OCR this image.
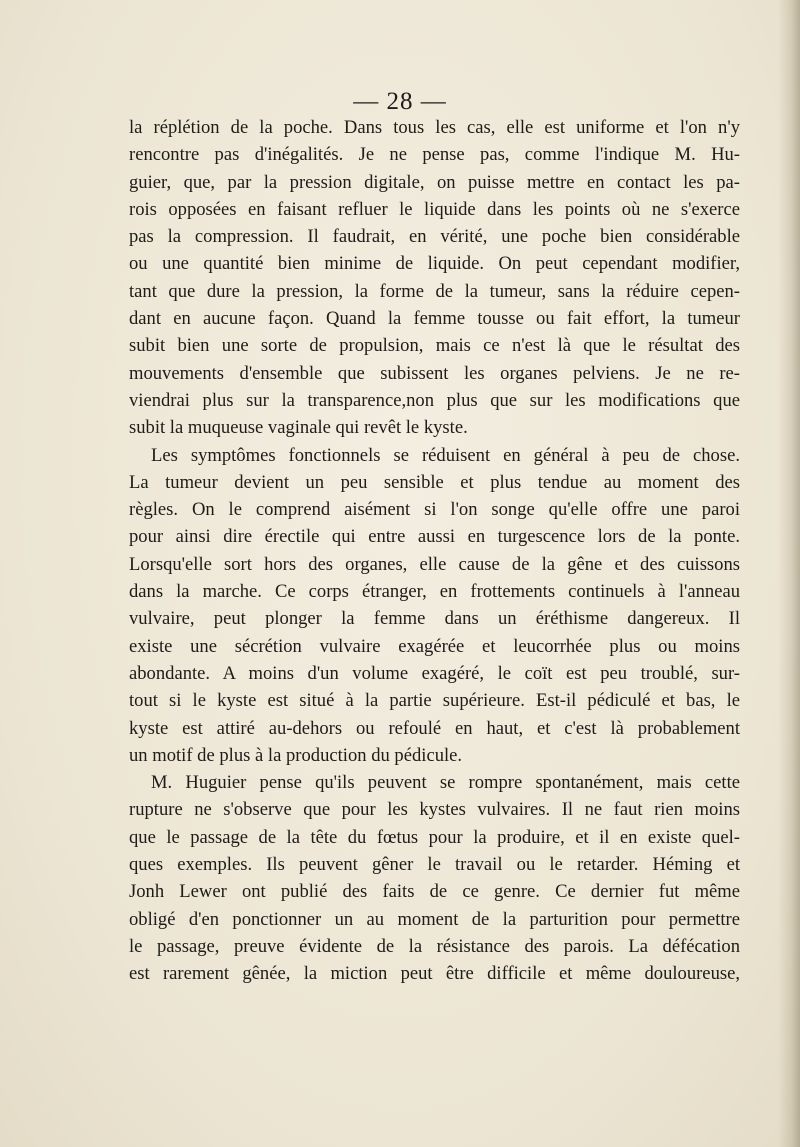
— 28 —
la réplétion de la poche. Dans tous les cas, elle est uniforme et l'on n'y
rencontre pas d'inégalités. Je ne pense pas, comme l'indique M. Hu-
guier, que, par la pression digitale, on puisse mettre en contact les pa-
rois opposées en faisant refluer le liquide dans les points où ne s'exerce
pas la compression. Il faudrait, en vérité, une poche bien considérable
ou une quantité bien minime de liquide. On peut cependant modifier,
tant que dure la pression, la forme de la tumeur, sans la réduire cepen-
dant en aucune façon. Quand la femme tousse ou fait effort, la tumeur
subit bien une sorte de propulsion, mais ce n'est là que le résultat des
mouvements d'ensemble que subissent les organes pelviens. Je ne re-
viendrai plus sur la transparence,non plus que sur les modifications que
subit la muqueuse vaginale qui revêt le kyste.
Les symptômes fonctionnels se réduisent en général à peu de chose.
La tumeur devient un peu sensible et plus tendue au moment des
règles. On le comprend aisément si l'on songe qu'elle offre une paroi
pour ainsi dire érectile qui entre aussi en turgescence lors de la ponte.
Lorsqu'elle sort hors des organes, elle cause de la gêne et des cuissons
dans la marche. Ce corps étranger, en frottements continuels à l'anneau
vulvaire, peut plonger la femme dans un éréthisme dangereux. Il
existe une sécrétion vulvaire exagérée et leucorrhée plus ou moins
abondante. A moins d'un volume exagéré, le coït est peu troublé, sur-
tout si le kyste est situé à la partie supérieure. Est-il pédiculé et bas, le
kyste est attiré au-dehors ou refoulé en haut, et c'est là probablement
un motif de plus à la production du pédicule.
M. Huguier pense qu'ils peuvent se rompre spontanément, mais cette
rupture ne s'observe que pour les kystes vulvaires. Il ne faut rien moins
que le passage de la tête du fœtus pour la produire, et il en existe quel-
ques exemples. Ils peuvent gêner le travail ou le retarder. Héming et
Jonh Lewer ont publié des faits de ce genre. Ce dernier fut même
obligé d'en ponctionner un au moment de la parturition pour permettre
le passage, preuve évidente de la résistance des parois. La défécation
est rarement gênée, la miction peut être difficile et même douloureuse,
